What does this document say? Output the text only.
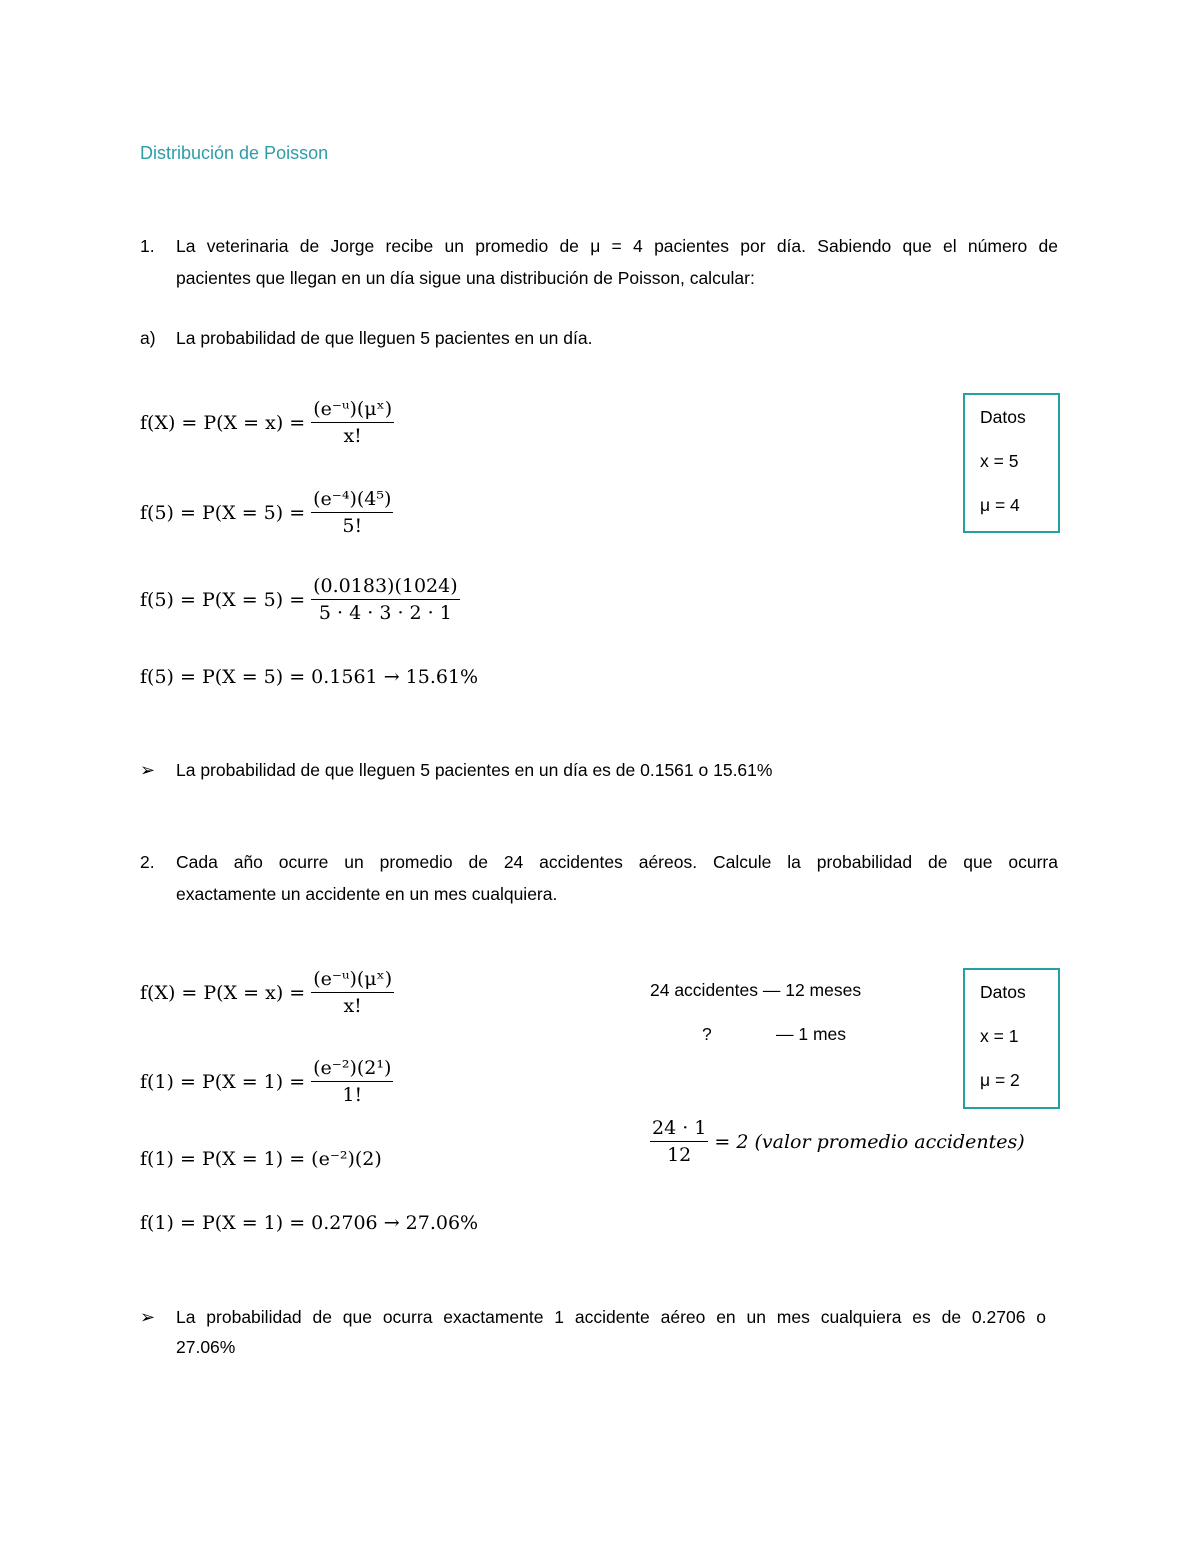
Distribución de Poisson
1. La veterinaria de Jorge recibe un promedio de μ = 4 pacientes por día. Sabiendo que el número de
pacientes que llegan en un día sigue una distribución de Poisson, calcular:
a) La probabilidad de que lleguen 5 pacientes en un día.
$f(X) = P(X = x) = \frac{\text{(e⁻ᵘ)(μˣ)}}{x!}$
$f(5) = P(X = 5) = \frac{\text{(e⁻⁴)(4⁵)}}{5!}$
$f(5) = P(X = 5) = \frac{(0.0183)(1024)}{5 \cdot 4 \cdot 3 \cdot 2 \cdot 1}$
f(5) = P(X = 5) = 0.1561 → 15.61%
Datos
x = 5
μ = 4
➢ La probabilidad de que lleguen 5 pacientes en un día es de 0.1561 o 15.61%
2. Cada año ocurre un promedio de 24 accidentes aéreos. Calcule la probabilidad de que ocurra
exactamente un accidente en un mes cualquiera.
$f(X) = P(X = x) = \frac{\text{(e⁻ᵘ)(μˣ)}}{x!}$
$f(1) = P(X = 1) = \frac{\text{(e⁻²)(2¹)}}{1!}$
f(1) = P(X = 1) = (e⁻²)(2)
f(1) = P(X = 1) = 0.2706 → 27.06%
24 accidentes — 12 meses
?	— 1 mes
$\frac{24 \cdot 1}{12} = 2$ (valor promedio accidentes)
Datos
x = 1
μ = 2
➢ La probabilidad de que ocurra exactamente 1 accidente aéreo en un mes cualquiera es de 0.2706 o
27.06%
